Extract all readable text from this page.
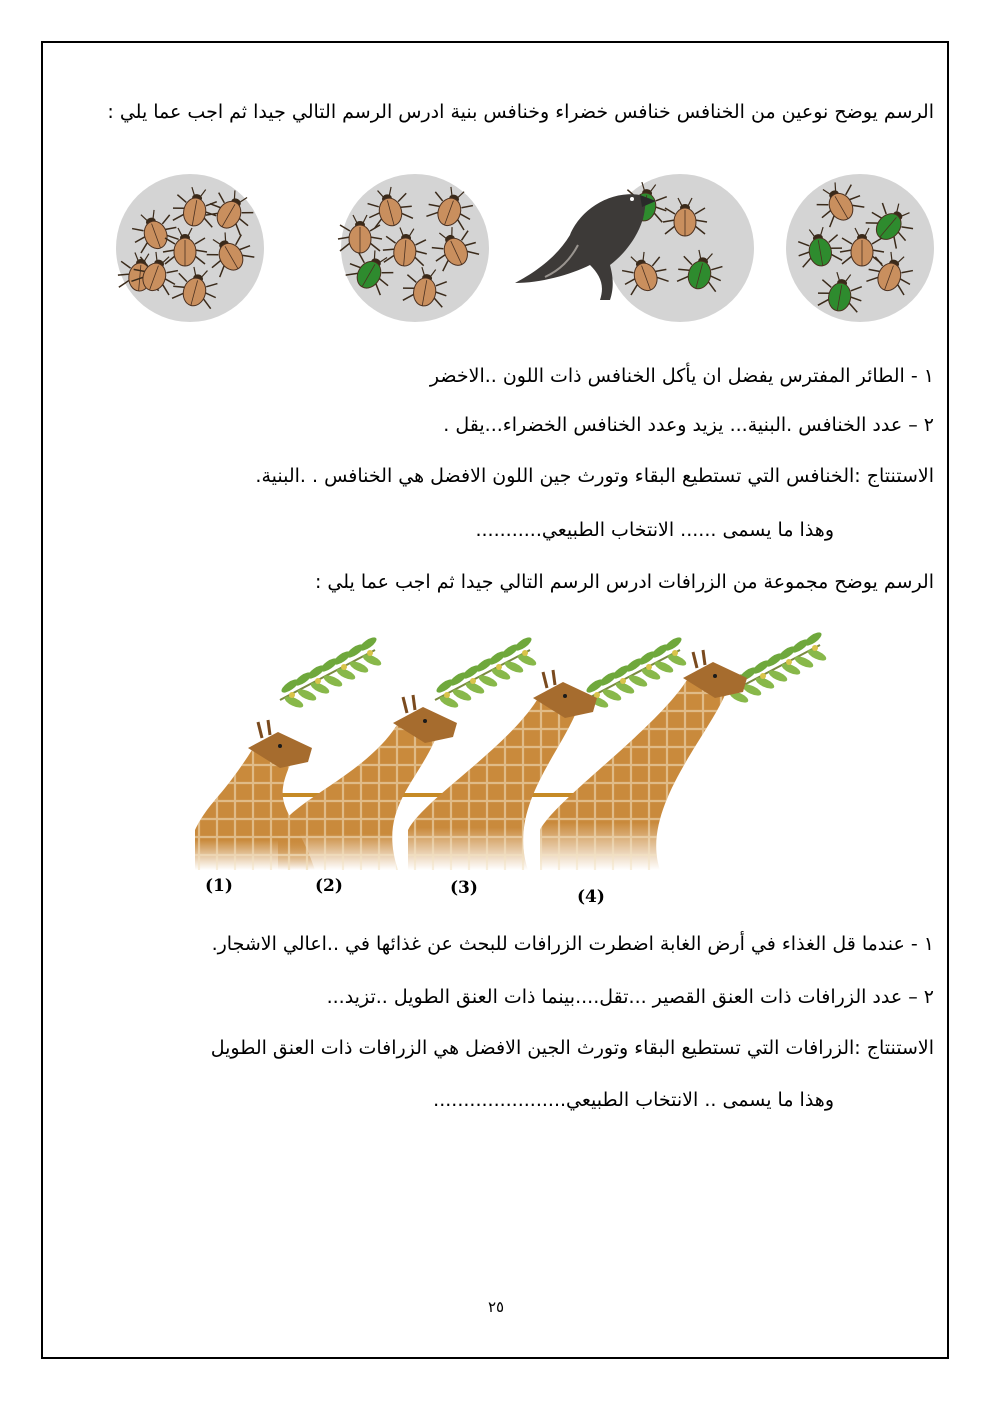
الرسم يوضح نوعين من الخنافس خنافس خضراء وخنافس بنية ادرس الرسم التالي جيدا ثم اجب عما يلي :
١ - الطائر المفترس يفضل ان يأكل الخنافس ذات اللون ..الاخضر
٢ – عدد الخنافس .البنية... يزيد وعدد الخنافس الخضراء...يقل .
الاستنتاج :الخنافس التي تستطيع البقاء وتورث جين اللون الافضل هي الخنافس . .البنية.
وهذا ما يسمى ...... الانتخاب الطبيعي...........
الرسم يوضح مجموعة من الزرافات ادرس الرسم التالي جيدا ثم اجب عما يلي :
(1)	(2)	(3)	(4)
١ - عندما قل الغذاء في أرض الغابة اضطرت الزرافات للبحث عن غذائها في ..اعالي الاشجار.
٢ – عدد الزرافات ذات العنق القصير ...تقل....بينما ذات العنق الطويل ..تزيد...
الاستنتاج :الزرافات التي تستطيع البقاء وتورث الجين الافضل هي الزرافات ذات العنق الطويل
وهذا ما يسمى .. الانتخاب الطبيعي......................
٢٥
